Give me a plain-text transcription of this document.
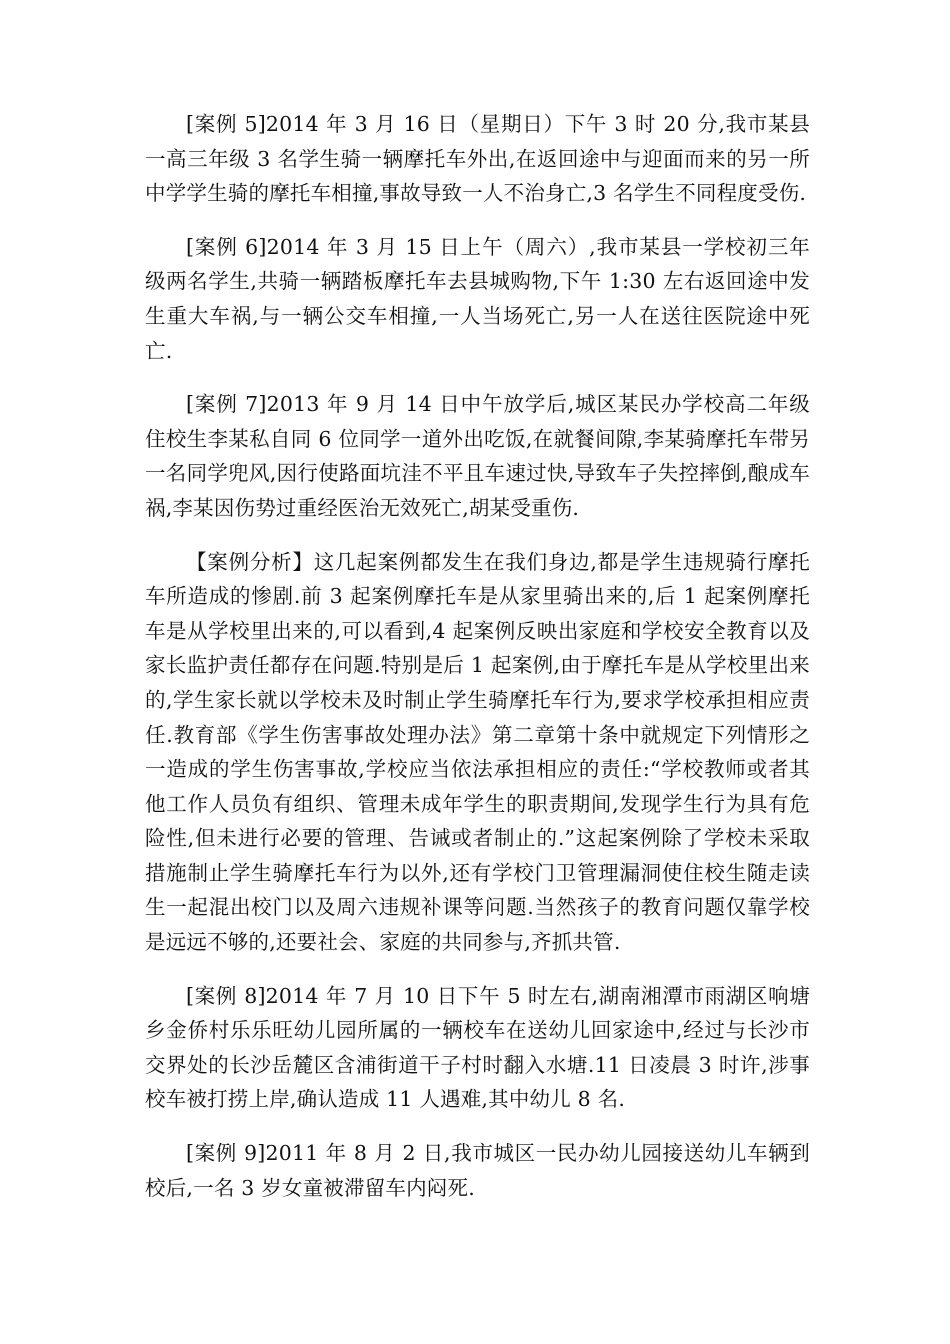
[案例 5]2014 年 3 月 16 日（星期日）下午 3 时 20 分,我市某县一高三年级 3 名学生骑一辆摩托车外出,在返回途中与迎面而来的另一所中学学生骑的摩托车相撞,事故导致一人不治身亡,3 名学生不同程度受伤.

[案例 6]2014 年 3 月 15 日上午（周六）,我市某县一学校初三年级两名学生,共骑一辆踏板摩托车去县城购物,下午 1:30 左右返回途中发生重大车祸,与一辆公交车相撞,一人当场死亡,另一人在送往医院途中死亡.

[案例 7]2013 年 9 月 14 日中午放学后,城区某民办学校高二年级住校生李某私自同 6 位同学一道外出吃饭,在就餐间隙,李某骑摩托车带另一名同学兜风,因行使路面坑洼不平且车速过快,导致车子失控摔倒,酿成车祸,李某因伤势过重经医治无效死亡,胡某受重伤.

【案例分析】这几起案例都发生在我们身边,都是学生违规骑行摩托车所造成的惨剧.前 3 起案例摩托车是从家里骑出来的,后 1 起案例摩托车是从学校里出来的,可以看到,4 起案例反映出家庭和学校安全教育以及家长监护责任都存在问题.特别是后 1 起案例,由于摩托车是从学校里出来的,学生家长就以学校未及时制止学生骑摩托车行为,要求学校承担相应责任.教育部《学生伤害事故处理办法》第二章第十条中就规定下列情形之一造成的学生伤害事故,学校应当依法承担相应的责任:“学校教师或者其他工作人员负有组织、管理未成年学生的职责期间,发现学生行为具有危险性,但未进行必要的管理、告诫或者制止的.”这起案例除了学校未采取措施制止学生骑摩托车行为以外,还有学校门卫管理漏洞使住校生随走读生一起混出校门以及周六违规补课等问题.当然孩子的教育问题仅靠学校是远远不够的,还要社会、家庭的共同参与,齐抓共管.

[案例 8]2014 年 7 月 10 日下午 5 时左右,湖南湘潭市雨湖区响塘乡金侨村乐乐旺幼儿园所属的一辆校车在送幼儿回家途中,经过与长沙市交界处的长沙岳麓区含浦街道干子村时翻入水塘.11 日凌晨 3 时许,涉事校车被打捞上岸,确认造成 11 人遇难,其中幼儿 8 名.

[案例 9]2011 年 8 月 2 日,我市城区一民办幼儿园接送幼儿车辆到校后,一名 3 岁女童被滞留车内闷死.
